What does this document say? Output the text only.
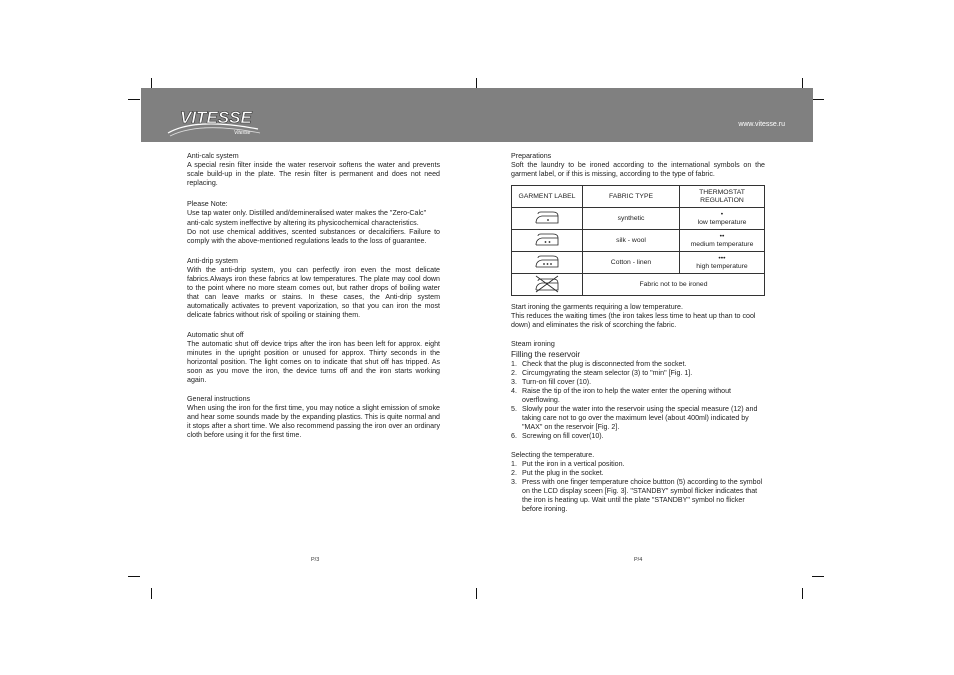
www.vitesse.ru
VITESSE
Vitesse

Anti-calc system

A special resin filter inside the water reservoir softens the water and prevents scale build-up in the plate. The resin filter is permanent and does not need replacing.

Please Note:

Use tap water only. Distilled and/demineralised water makes the "Zero-Calc" anti-calc system ineffective by altering its physicochemical characteristics.

Do not use chemical additives, scented substances or decalcifiers. Failure to comply with the above-mentioned regulations leads to the loss of guarantee.

Anti-drip system

With the anti-drip system, you can perfectly iron even the most delicate fabrics.Always iron these fabrics at low temperatures. The plate may cool down to the point where no more steam comes out, but rather drops of boiling water that can leave marks or stains. In these cases, the Anti-drip system automatically activates to prevent vaporization, so that you can iron the most delicate fabrics without risk of spoiling or staining them.

Automatic shut off

The automatic shut off device trips after the iron has been left for approx. eight minutes in the upright position or unused for approx. Thirty seconds in the horizontal position. The light comes on to indicate that shut off has tripped. As soon as you move the iron, the device turns off and the iron starts working again.

General instructions

When using the iron for the first time, you may notice a slight emission of smoke and hear some sounds made by the expanding plastics. This is quite normal and it stops after a short time. We also recommend passing the iron over an ordinary cloth before using it for the first time.

P/3

Preparations

Soft the laundry to be ironed according to the international symbols on the garment label, or if this is missing, according to the type of fabric.

GARMENT LABEL	FABRIC TYPE	THERMOSTAT REGULATION
	synthetic	•
low temperature

	silk - wool	••
medium temperature

	Cotton - linen	•••
high temperature

	Fabric not to be ironed	

Start ironing the garments requiring a low temperature.

This reduces the waiting times (the iron takes less time to heat up than to cool down) and eliminates the risk of scorching the fabric.

Steam ironing

Filling the reservoir

1. Check that the plug is disconnected from the socket.
2. Circumgyrating the steam selector (3) to "min" [Fig. 1].
3. Turn-on fill cover (10).
4. Raise the tip of the iron to help the water enter the opening without overflowing.
5. Slowly pour the water into the reservoir using the special measure (12) and taking care not to go over the maximum level (about 400ml) indicated by "MAX" on the reservoir [Fig. 2].
6. Screwing on fill cover(10).

Selecting the temperature.

1. Put the iron in a vertical position.
2. Put the plug in the socket.
3. Press with one finger temperature choice buttton (5) according to the symbol on the LCD display sceen [Fig. 3]. "STANDBY" symbol flicker indicates that the iron is heating up. Wait until the plate "STANDBY" symbol no flicker before ironing.
P/4
